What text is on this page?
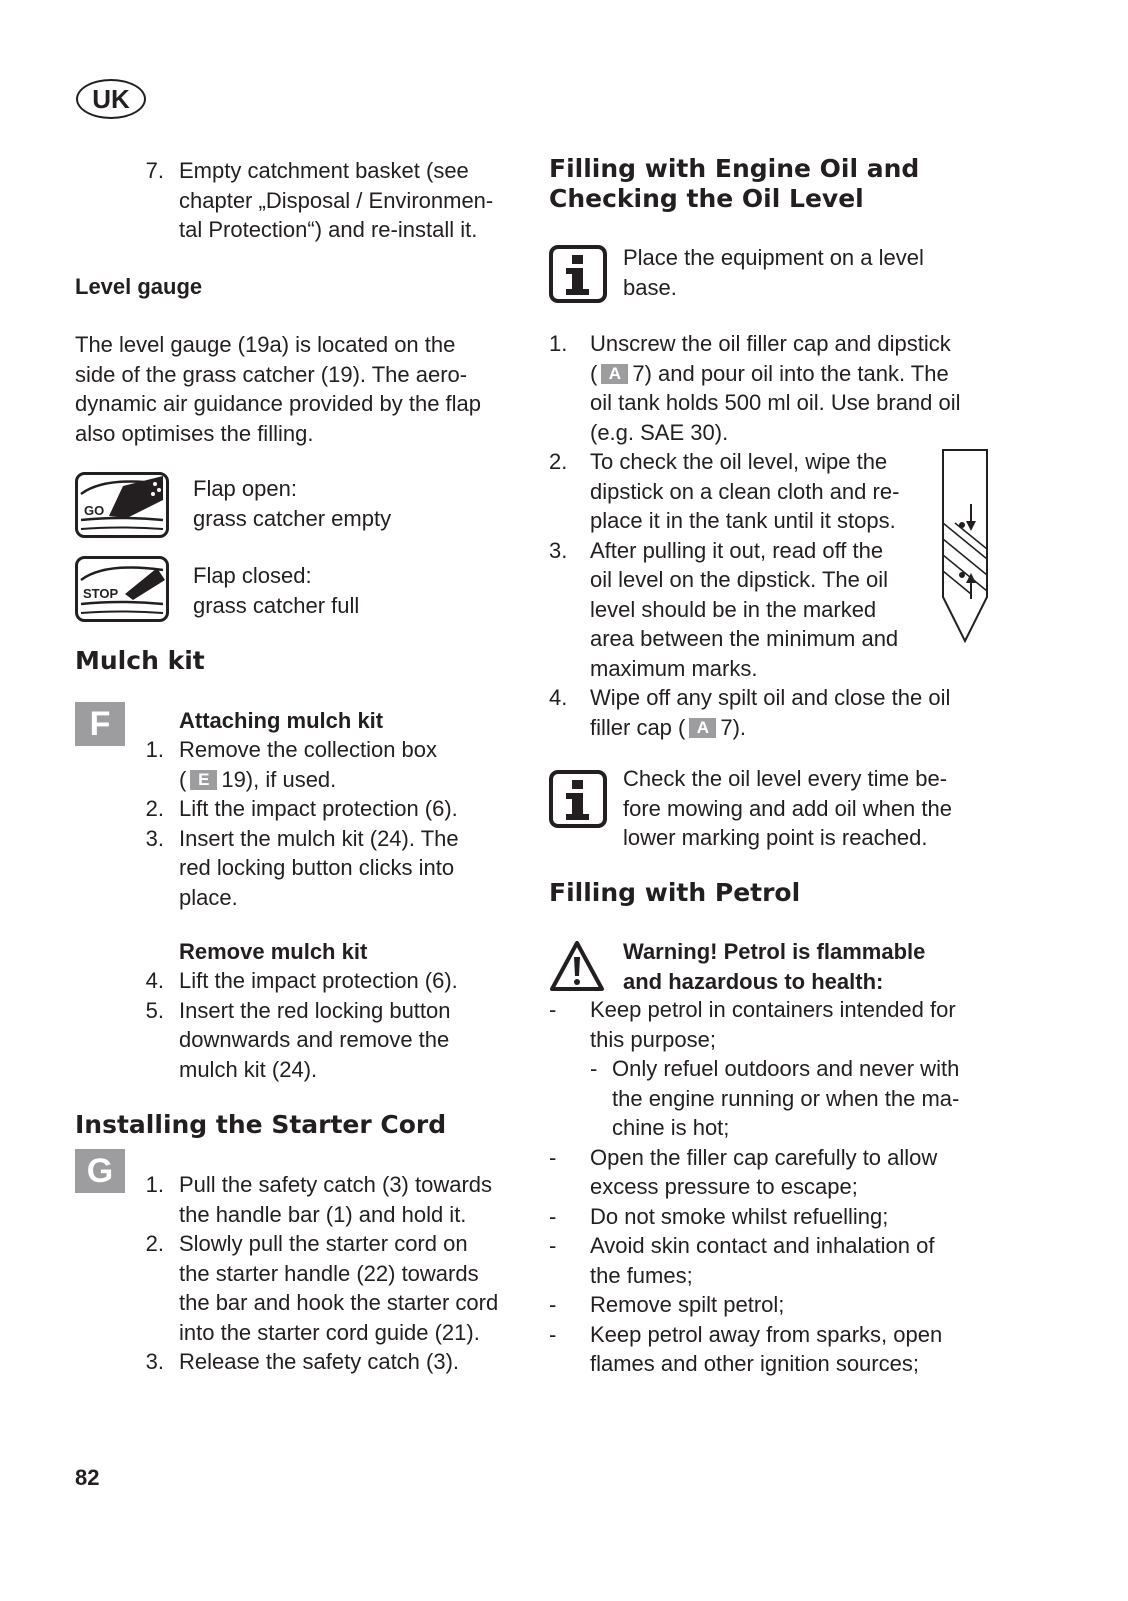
UK
7. Empty catchment basket (see
chapter „Disposal / Environmen-
tal Protection“) and re-install it.
Level gauge
The level gauge (19a) is located on the
side of the grass catcher (19). The aero-
dynamic air guidance provided by the flap
also optimises the filling.
GO
Flap open:
grass catcher empty
STOP
Flap closed:
grass catcher full
Mulch kit
F	Attaching mulch kit
1. Remove the collection box
( E 19), if used.
2. Lift the impact protection (6).
3. Insert the mulch kit (24). The
red locking button clicks into
place.
Remove mulch kit
4. Lift the impact protection (6).
5. Insert the red locking button
downwards and remove the
mulch kit (24).
Installing the Starter Cord
G	1. Pull the safety catch (3) towards
the handle bar (1) and hold it.
2. Slowly pull the starter cord on
the starter handle (22) towards
the bar and hook the starter cord
into the starter cord guide (21).
3. Release the safety catch (3).
Filling with Engine Oil and
Checking the Oil Level
Place the equipment on a level
base.
1. Unscrew the oil filler cap and dipstick
( A 7) and pour oil into the tank. The
oil tank holds 500 ml oil. Use brand oil
(e.g. SAE 30).
2. To check the oil level, wipe the
dipstick on a clean cloth and re-
place it in the tank until it stops.
3. After pulling it out, read off the
oil level on the dipstick. The oil
level should be in the marked
area between the minimum and
maximum marks.
4. Wipe off any spilt oil and close the oil
filler cap ( A 7).
Check the oil level every time be-
fore mowing and add oil when the
lower marking point is reached.
Filling with Petrol
Warning! Petrol is flammable
and hazardous to health:
- Keep petrol in containers intended for
this purpose;
- Only refuel outdoors and never with
the engine running or when the ma-
chine is hot;
- Open the filler cap carefully to allow
excess pressure to escape;
- Do not smoke whilst refuelling;
- Avoid skin contact and inhalation of
the fumes;
- Remove spilt petrol;
- Keep petrol away from sparks, open
flames and other ignition sources;
82
